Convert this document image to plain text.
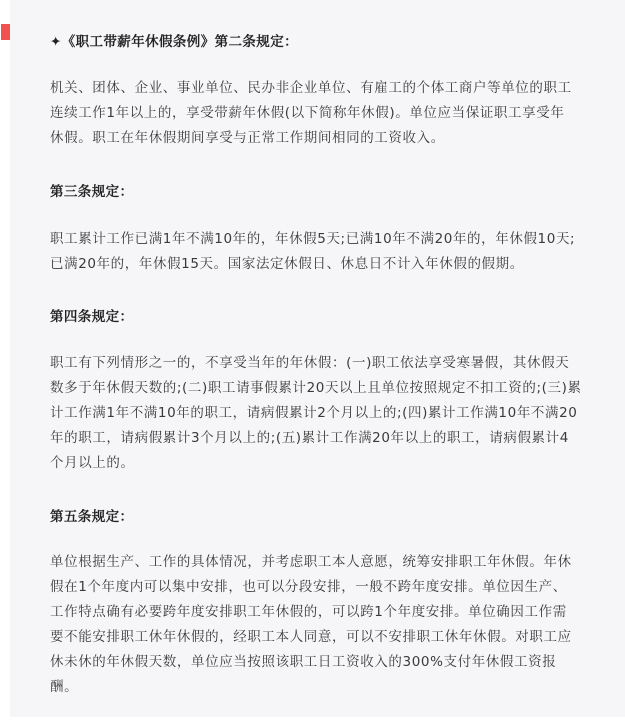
✦《职工带薪年休假条例》第二条规定：
机关、团体、企业、事业单位、民办非企业单位、有雇工的个体工商户等单位的职工
连续工作1年以上的，享受带薪年休假(以下简称年休假)。单位应当保证职工享受年
休假。职工在年休假期间享受与正常工作期间相同的工资收入。
第三条规定：
职工累计工作已满1年不满10年的，年休假5天;已满10年不满20年的，年休假10天;
已满20年的，年休假15天。国家法定休假日、休息日不计入年休假的假期。
第四条规定：
职工有下列情形之一的，不享受当年的年休假：(一)职工依法享受寒暑假，其休假天
数多于年休假天数的;(二)职工请事假累计20天以上且单位按照规定不扣工资的;(三)累
计工作满1年不满10年的职工，请病假累计2个月以上的;(四)累计工作满10年不满20
年的职工，请病假累计3个月以上的;(五)累计工作满20年以上的职工，请病假累计4
个月以上的。
第五条规定：
单位根据生产、工作的具体情况，并考虑职工本人意愿，统筹安排职工年休假。年休
假在1个年度内可以集中安排，也可以分段安排，一般不跨年度安排。单位因生产、
工作特点确有必要跨年度安排职工年休假的，可以跨1个年度安排。单位确因工作需
要不能安排职工休年休假的，经职工本人同意，可以不安排职工休年休假。对职工应
休未休的年休假天数，单位应当按照该职工日工资收入的300%支付年休假工资报
酬。
